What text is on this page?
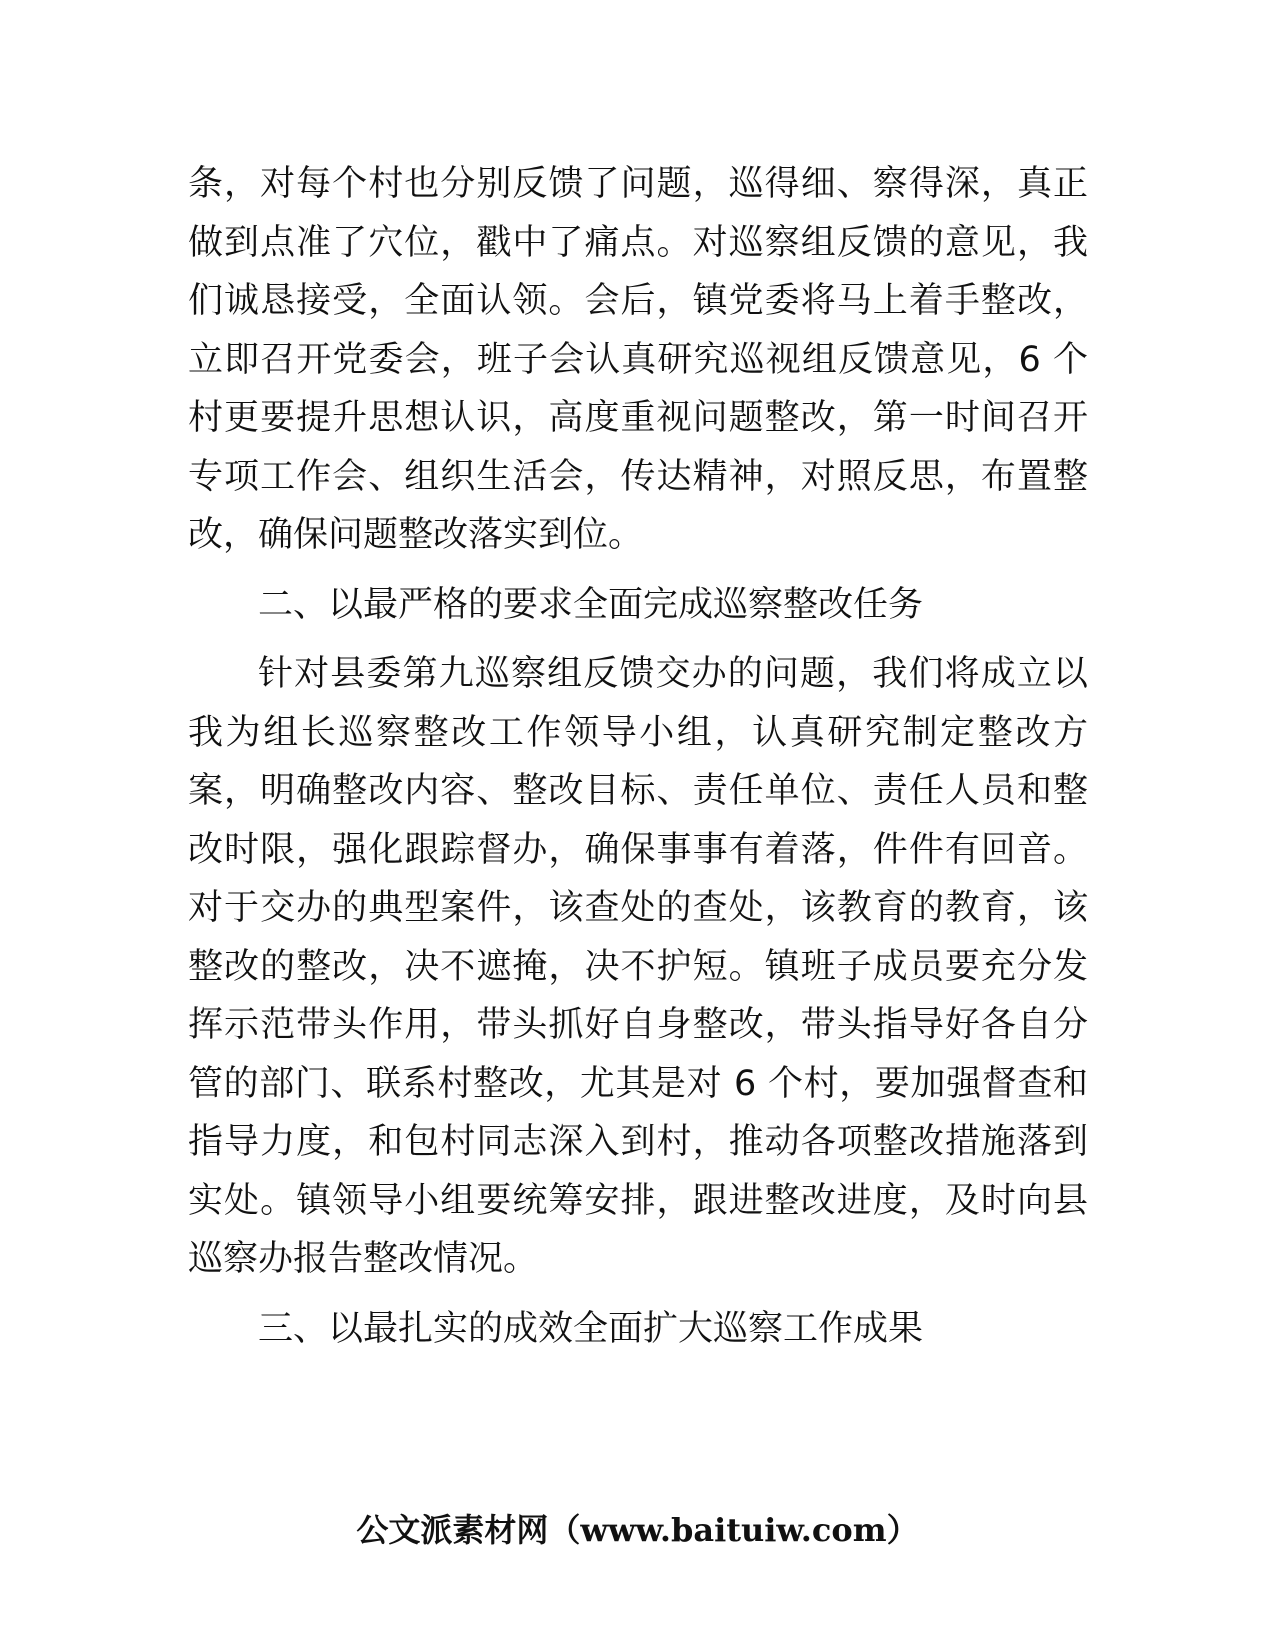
条，对每个村也分别反馈了问题，巡得细、察得深，真正做到点准了穴位，戳中了痛点。对巡察组反馈的意见，我们诚恳接受，全面认领。会后，镇党委将马上着手整改，立即召开党委会，班子会认真研究巡视组反馈意见，6 个村更要提升思想认识，高度重视问题整改，第一时间召开专项工作会、组织生活会，传达精神，对照反思，布置整改，确保问题整改落实到位。

二、以最严格的要求全面完成巡察整改任务

针对县委第九巡察组反馈交办的问题，我们将成立以我为组长巡察整改工作领导小组，认真研究制定整改方案，明确整改内容、整改目标、责任单位、责任人员和整改时限，强化跟踪督办，确保事事有着落，件件有回音。对于交办的典型案件，该查处的查处，该教育的教育，该整改的整改，决不遮掩，决不护短。镇班子成员要充分发挥示范带头作用，带头抓好自身整改，带头指导好各自分管的部门、联系村整改，尤其是对 6 个村，要加强督查和指导力度，和包村同志深入到村，推动各项整改措施落到实处。镇领导小组要统筹安排，跟进整改进度，及时向县巡察办报告整改情况。

三、以最扎实的成效全面扩大巡察工作成果

公文派素材网（www.baituiw.com）
